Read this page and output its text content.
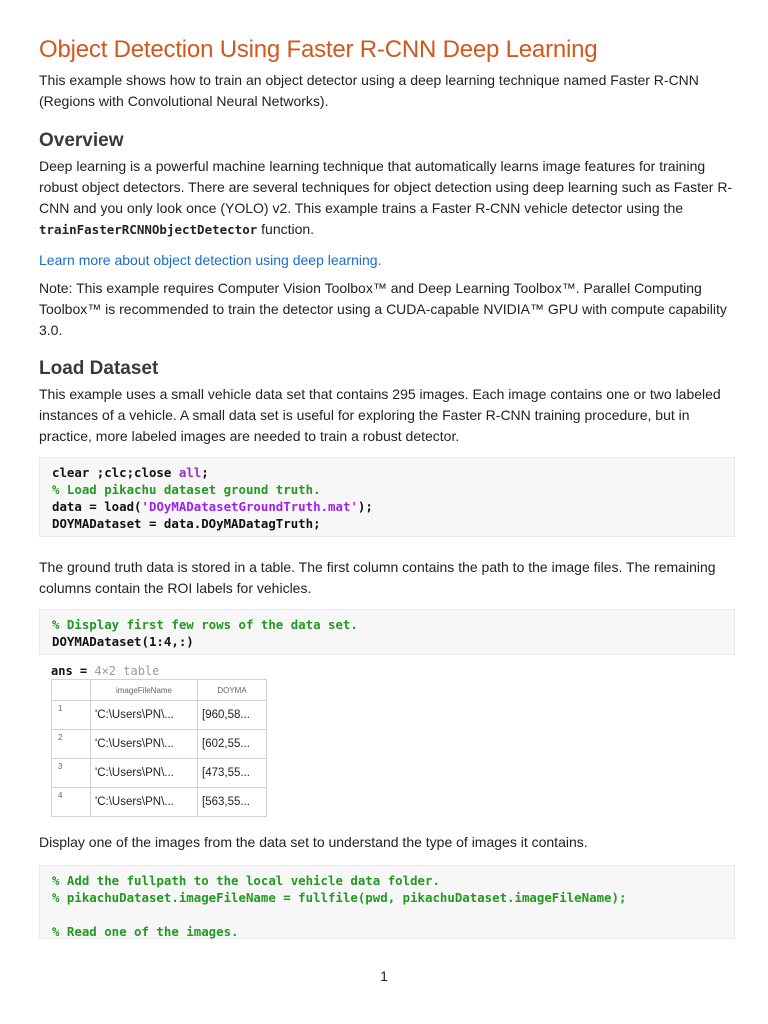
Object Detection Using Faster R-CNN Deep Learning

This example shows how to train an object detector using a deep learning technique named Faster R-CNN (Regions with Convolutional Neural Networks).

Overview

Deep learning is a powerful machine learning technique that automatically learns image features for training robust object detectors. There are several techniques for object detection using deep learning such as Faster R-CNN and you only look once (YOLO) v2. This example trains a Faster R-CNN vehicle detector using the trainFasterRCNNObjectDetector function.

Learn more about object detection using deep learning.

Note: This example requires Computer Vision Toolbox™ and Deep Learning Toolbox™. Parallel Computing Toolbox™ is recommended to train the detector using a CUDA-capable NVIDIA™ GPU with compute capability 3.0.

Load Dataset

This example uses a small vehicle data set that contains 295 images. Each image contains one or two labeled instances of a vehicle. A small data set is useful for exploring the Faster R-CNN training procedure, but in practice, more labeled images are needed to train a robust detector.

clear ;clc;close all;
% Load pikachu dataset ground truth.
data = load('DOyMADatasetGroundTruth.mat');
DOYMADataset = data.DOyMADatagTruth;

The ground truth data is stored in a table. The first column contains the path to the image files. The remaining columns contain the ROI labels for vehicles.

% Display first few rows of the data set.
DOYMADataset(1:4,:)
ans = 4×2 table
	imageFileName	DOYMA
1	'C:\Users\PN\...	[960,58...
2	'C:\Users\PN\...	[602,55...
3	'C:\Users\PN\...	[473,55...
4	'C:\Users\PN\...	[563,55...

Display one of the images from the data set to understand the type of images it contains.

% Add the fullpath to the local vehicle data folder.
% pikachuDataset.imageFileName = fullfile(pwd, pikachuDataset.imageFileName);
% Read one of the images.
1
